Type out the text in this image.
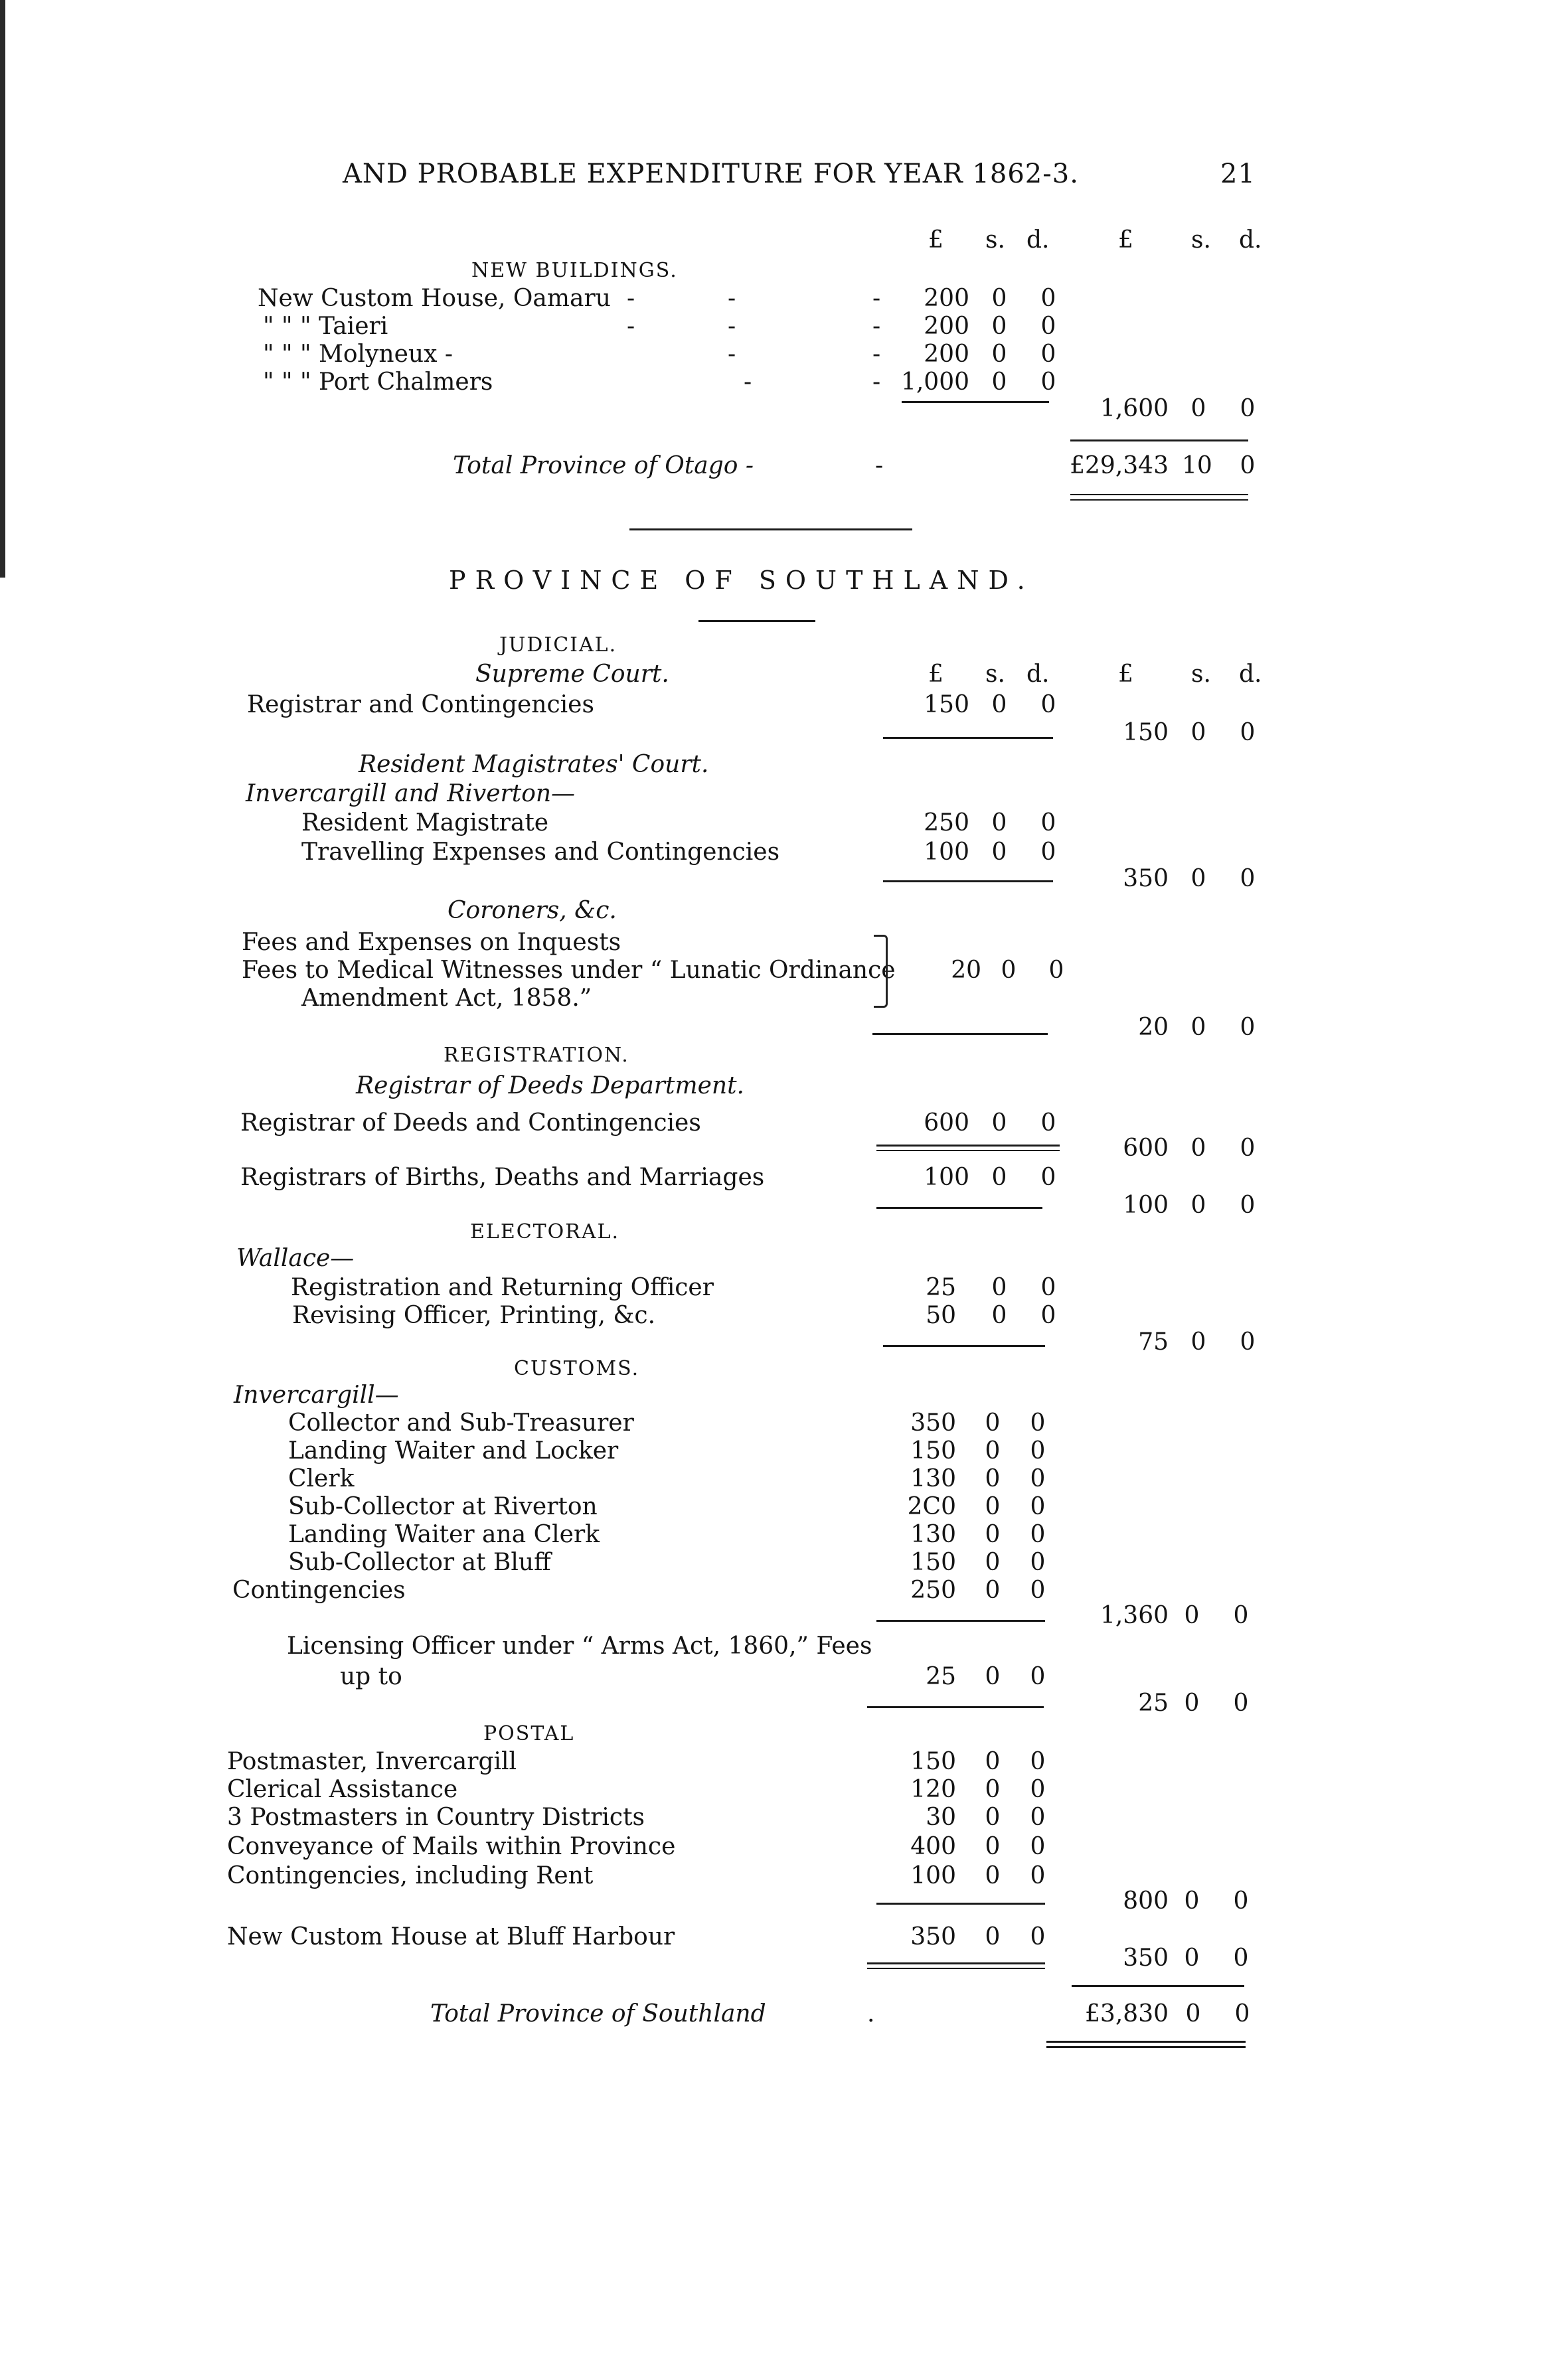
AND PROBABLE EXPENDITURE FOR YEAR 1862-3.	21
£ s. d.	£ s. d.
NEW BUILDINGS.
New Custom House, Oamaru -	-	-	200 0 0
" " " Taieri	-	-	-	200 0 0
" " " Molyneux -	-	-	200 0 0
" " " Port Chalmers	-	- 1,000 0 0
1,600 0 0
Total Province of Otago -	-	£29,343 10 0
PROVINCE OF SOUTHLAND.
JUDICIAL.
Supreme Court.	£ s. d.	£ s. d.
Registrar and Contingencies	150 0 0
150 0 0
Resident Magistrates' Court.
Invercargill and Riverton—
Resident Magistrate	250 0 0
Travelling Expenses and Contingencies	100 0 0
350 0 0
Coroners, &c.
Fees and Expenses on Inquests
Fees to Medical Witnesses under “ Lunatic Ordinance
Amendment Act, 1858.”
20 0 0
20 0 0
REGISTRATION.
Registrar of Deeds Department.
Registrar of Deeds and Contingencies	600 0 0
600 0 0
Registrars of Births, Deaths and Marriages	100 0 0
100 0 0
ELECTORAL.
Wallace—
Registration and Returning Officer	25 0 0
Revising Officer, Printing, &c.	50 0 0
75 0 0
CUSTOMS.
Invercargill—
Collector and Sub-Treasurer	350 0 0
Landing Waiter and Locker	150 0 0
Clerk	130 0 0
Sub-Collector at Riverton	2C0 0 0
Landing Waiter ana Clerk	130 0 0
Sub-Collector at Bluff	150 0 0
Contingencies	250 0 0
1,360 0 0
Licensing Officer under “ Arms Act, 1860,” Fees
up to	25 0 0
25 0 0
POSTAL
Postmaster, Invercargill	150 0 0
Clerical Assistance	120 0 0
3 Postmasters in Country Districts	30 0 0
Conveyance of Mails within Province	400 0 0
Contingencies, including Rent	100 0 0
800 0 0
New Custom House at Bluff Harbour	350 0 0
350 0 0
Total Province of Southland	.	£3,830 0 0
